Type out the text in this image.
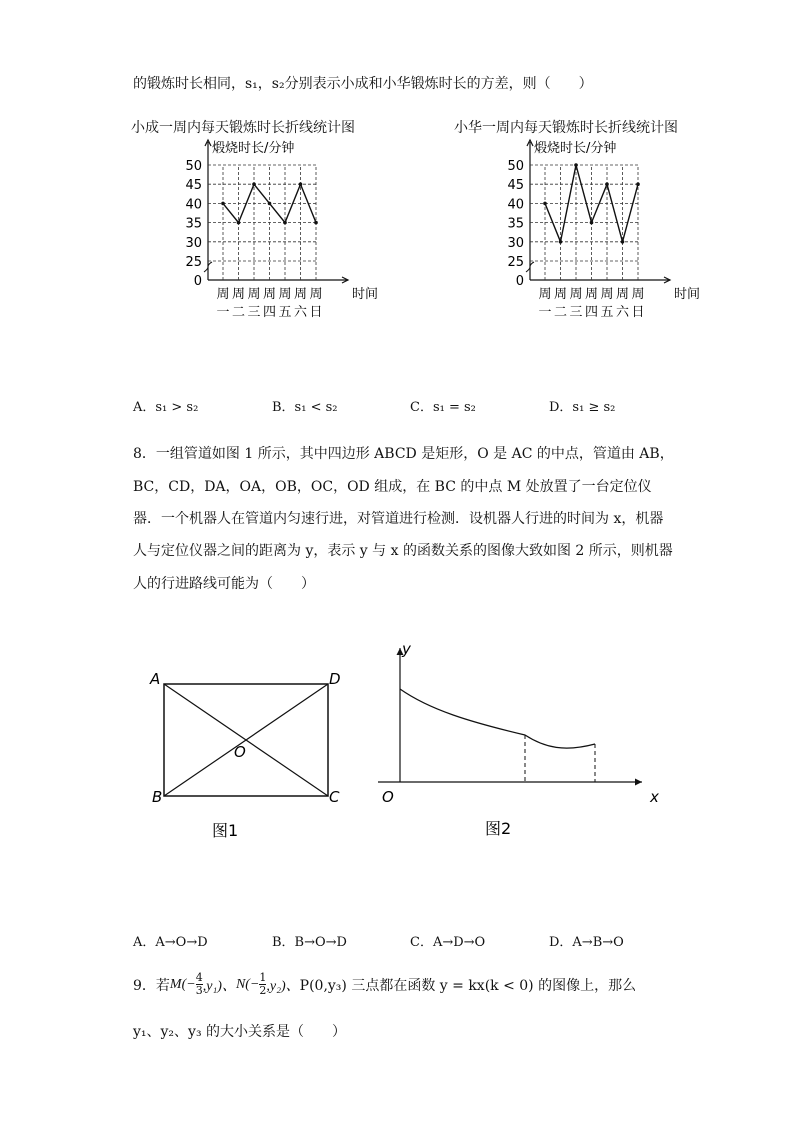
的锻炼时长相同，s₁，s₂分别表示小成和小华锻炼时长的方差，则（　　）
小成一周内每天锻炼时长折线统计图	小华一周内每天锻炼时长折线统计图
0
25
30
35
40
45
50
煅烧时长/分钟
周
一
周
二
周
三
周
四
周
五
周
六
周
日
时间
0
25
30
35
40
45
50
煅烧时长/分钟
周
一
周
二
周
三
周
四
周
五
周
六
周
日
时间
A．s₁ > s₂	B．s₁ < s₂	C．s₁ = s₂	D．s₁ ≥ s₂
8．一组管道如图 1 所示，其中四边形 ABCD 是矩形，O 是 AC 的中点，管道由 AB，
BC，CD，DA，OA，OB，OC，OD 组成，在 BC 的中点 M 处放置了一台定位仪
器．一个机器人在管道内匀速行进，对管道进行检测．设机器人行进的时间为 x，机器
人与定位仪器之间的距离为 y，表示 y 与 x 的函数关系的图像大致如图 2 所示，则机器
人的行进路线可能为（　　）
A	D
B	C
O
图1
y
x
O
图2
A．A→O→D	B．B→O→D	C．A→D→O	D．A→B→O
9．若 $M(- \frac{4}{3} ,y_1)$、 $N(- \frac{1}{2} ,y_2)$、 P(0,y₃) 三点都在函数 y = kx(k < 0) 的图像上，那么
y₁、y₂、y₃ 的大小关系是（　　）
